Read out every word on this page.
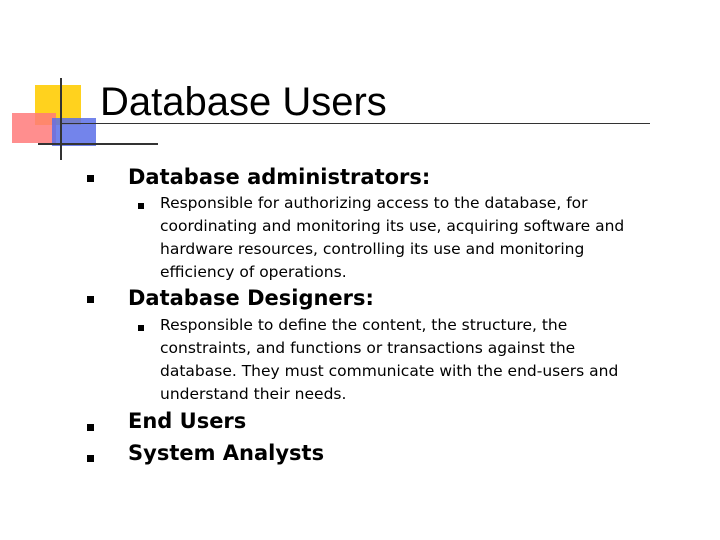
Database Users
Database administrators:
Responsible for authorizing access to the database, for
coordinating and monitoring its use, acquiring software and
hardware resources, controlling its use and monitoring
efficiency of operations.
Database Designers:
Responsible to define the content, the structure, the
constraints, and functions or transactions against the
database. They must communicate with the end-users and
understand their needs.
End Users
System Analysts
